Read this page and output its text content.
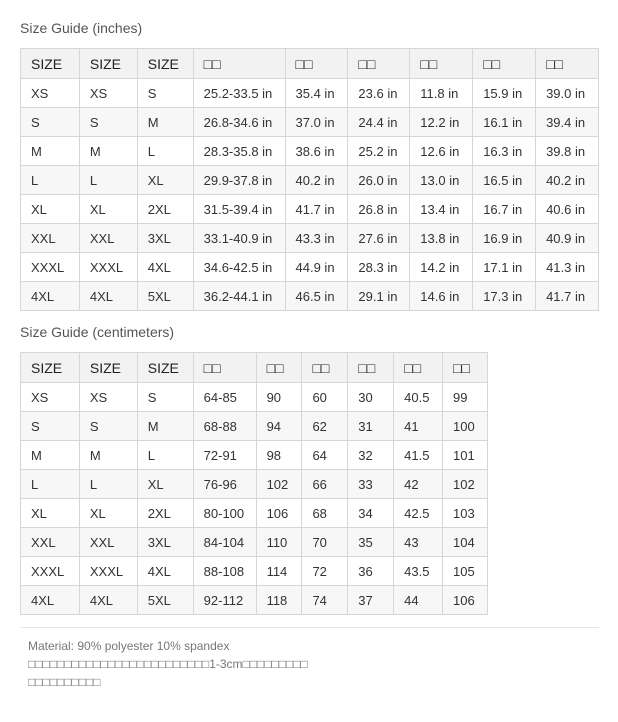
Size Guide (inches)
SIZE	SIZE	SIZE	□□	□□	□□	□□	□□	□□
XS	XS	S	25.2-33.5 in	35.4 in	23.6 in	11.8 in	15.9 in	39.0 in
S	S	M	26.8-34.6 in	37.0 in	24.4 in	12.2 in	16.1 in	39.4 in
M	M	L	28.3-35.8 in	38.6 in	25.2 in	12.6 in	16.3 in	39.8 in
L	L	XL	29.9-37.8 in	40.2 in	26.0 in	13.0 in	16.5 in	40.2 in
XL	XL	2XL	31.5-39.4 in	41.7 in	26.8 in	13.4 in	16.7 in	40.6 in
XXL	XXL	3XL	33.1-40.9 in	43.3 in	27.6 in	13.8 in	16.9 in	40.9 in
XXXL	XXXL	4XL	34.6-42.5 in	44.9 in	28.3 in	14.2 in	17.1 in	41.3 in
4XL	4XL	5XL	36.2-44.1 in	46.5 in	29.1 in	14.6 in	17.3 in	41.7 in
Size Guide (centimeters)
SIZE	SIZE	SIZE	□□	□□	□□	□□	□□	□□
XS	XS	S	64-85	90	60	30	40.5	99
S	S	M	68-88	94	62	31	41	100
M	M	L	72-91	98	64	32	41.5	101
L	L	XL	76-96	102	66	33	42	102
XL	XL	2XL	80-100	106	68	34	42.5	103
XXL	XXL	3XL	84-104	110	70	35	43	104
XXXL	XXXL	4XL	88-108	114	72	36	43.5	105
4XL	4XL	5XL	92-112	118	74	37	44	106

Material: 90% polyester 10% spandex

□□□□□□□□□□□□□□□□□□□□□□□□□1-3cm□□□□□□□□□

□□□□□□□□□□
